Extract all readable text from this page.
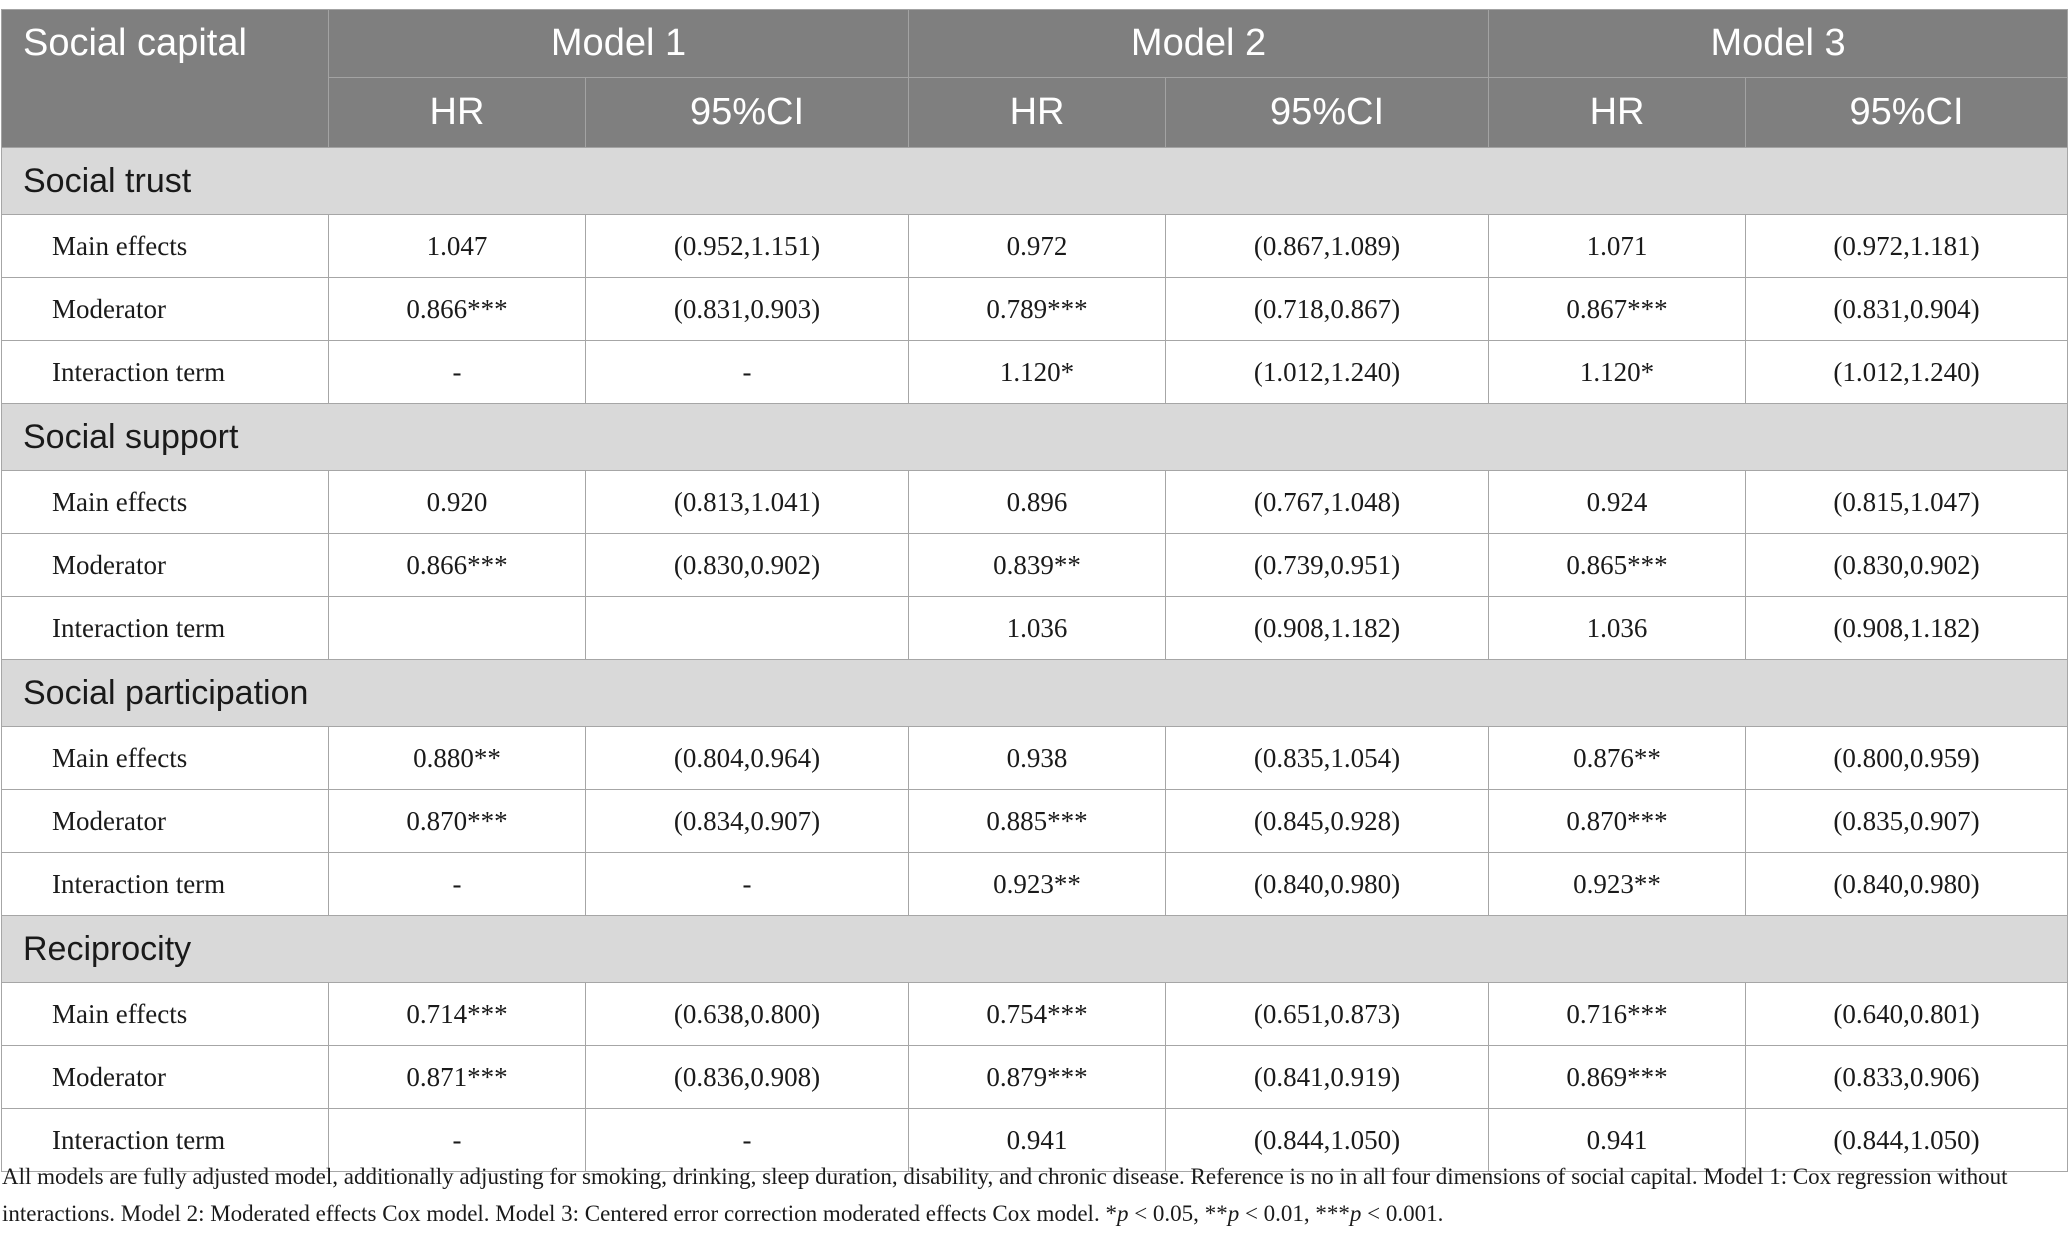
Social capital	Model 1		Model 2		Model 3	
	HR	95%CI	HR	95%CI	HR	95%CI
Social trust						
Main effects	1.047	(0.952,1.151)	0.972	(0.867,1.089)	1.071	(0.972,1.181)
Moderator	0.866***	(0.831,0.903)	0.789***	(0.718,0.867)	0.867***	(0.831,0.904)
Interaction term	-	-	1.120*	(1.012,1.240)	1.120*	(1.012,1.240)
Social support						
Main effects	0.920	(0.813,1.041)	0.896	(0.767,1.048)	0.924	(0.815,1.047)
Moderator	0.866***	(0.830,0.902)	0.839**	(0.739,0.951)	0.865***	(0.830,0.902)
Interaction term			1.036	(0.908,1.182)	1.036	(0.908,1.182)
Social participation						
Main effects	0.880**	(0.804,0.964)	0.938	(0.835,1.054)	0.876**	(0.800,0.959)
Moderator	0.870***	(0.834,0.907)	0.885***	(0.845,0.928)	0.870***	(0.835,0.907)
Interaction term	-	-	0.923**	(0.840,0.980)	0.923**	(0.840,0.980)
Reciprocity						
Main effects	0.714***	(0.638,0.800)	0.754***	(0.651,0.873)	0.716***	(0.640,0.801)
Moderator	0.871***	(0.836,0.908)	0.879***	(0.841,0.919)	0.869***	(0.833,0.906)
Interaction term	-	-	0.941	(0.844,1.050)	0.941	(0.844,1.050)

All models are fully adjusted model, additionally adjusting for smoking, drinking, sleep duration, disability, and chronic disease. Reference is no in all four dimensions of social capital. Model 1: Cox regression without interactions. Model 2: Moderated effects Cox model. Model 3: Centered error correction moderated effects Cox model. *p < 0.05, **p < 0.01, ***p < 0.001.
